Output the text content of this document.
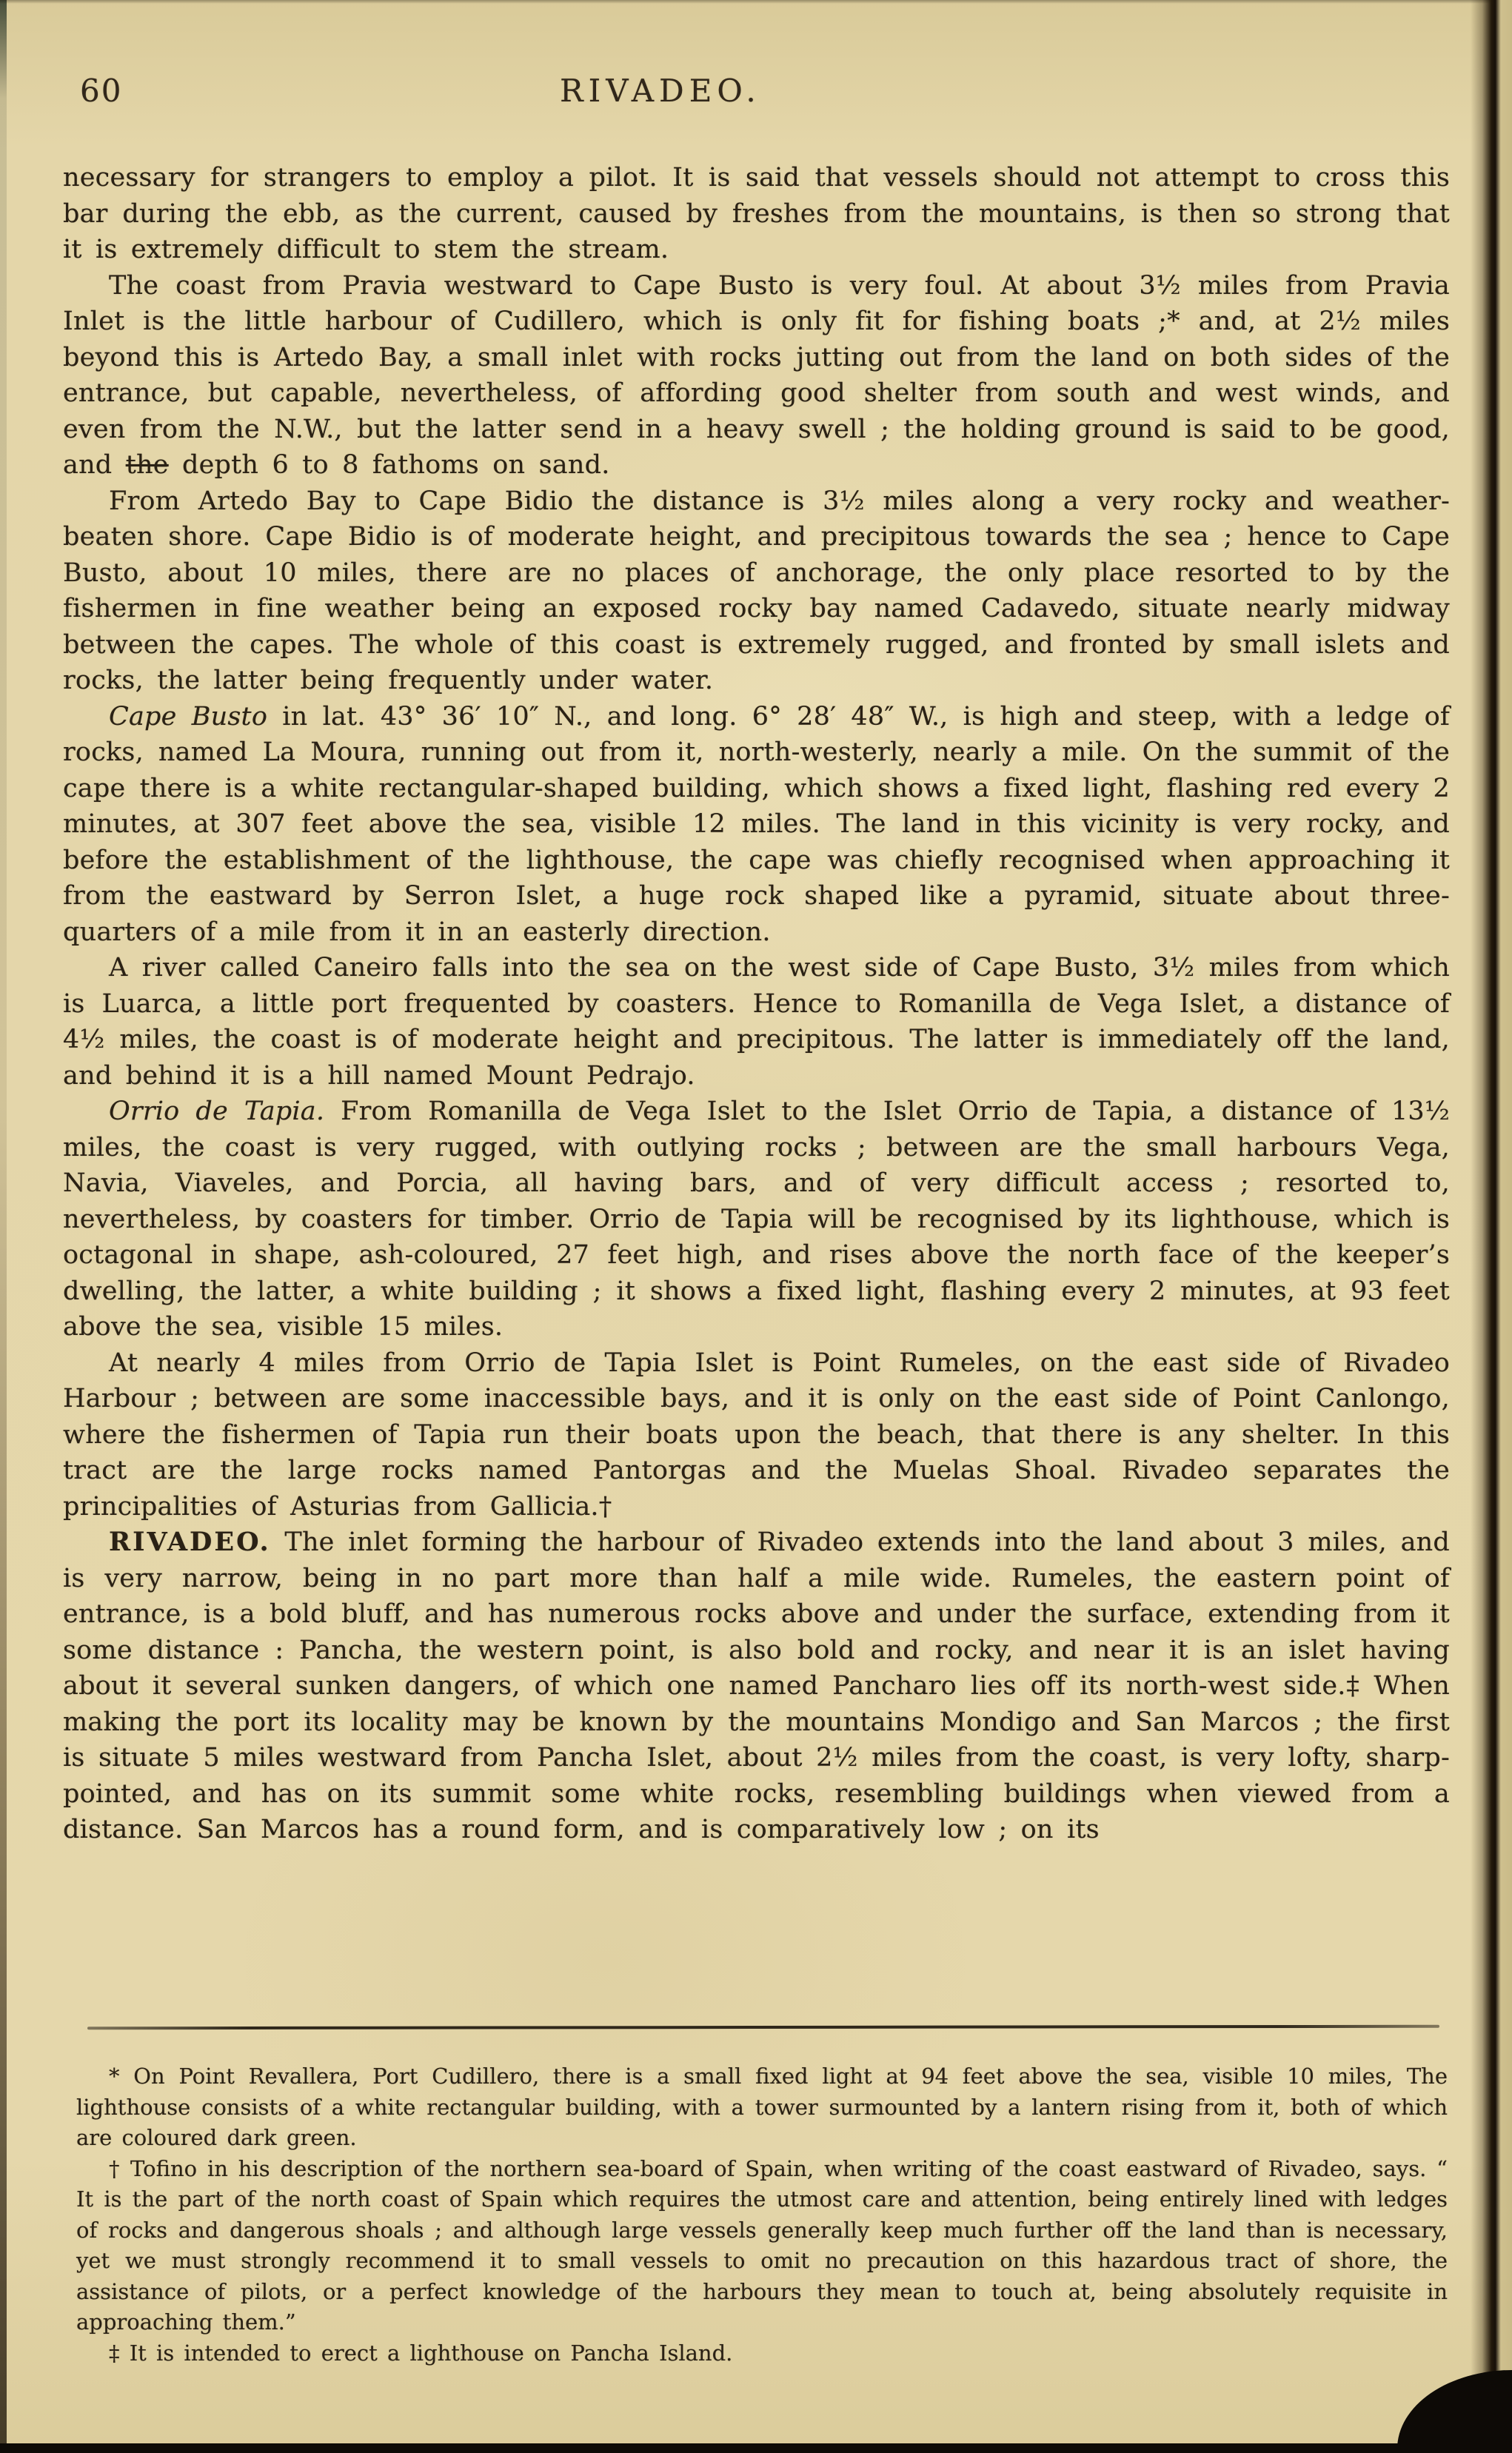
60	RIVADEO.

necessary for strangers to employ a pilot. It is said that vessels should not attempt to cross this bar during the ebb, as the current, caused by freshes from the mountains, is then so strong that it is extremely difficult to stem the stream.

The coast from Pravia westward to Cape Busto is very foul. At about 3½ miles from Pravia Inlet is the little harbour of Cudillero, which is only fit for fishing boats ;* and, at 2½ miles beyond this is Artedo Bay, a small inlet with rocks jutting out from the land on both sides of the entrance, but capable, nevertheless, of affording good shelter from south and west winds, and even from the N.W., but the latter send in a heavy swell ; the holding ground is said to be good, and the depth 6 to 8 fathoms on sand.

From Artedo Bay to Cape Bidio the distance is 3½ miles along a very rocky and weather-beaten shore. Cape Bidio is of moderate height, and precipitous towards the sea ; hence to Cape Busto, about 10 miles, there are no places of anchorage, the only place resorted to by the fishermen in fine weather being an exposed rocky bay named Cadavedo, situate nearly midway between the capes. The whole of this coast is extremely rugged, and fronted by small islets and rocks, the latter being frequently under water.

Cape Busto in lat. 43° 36′ 10″ N., and long. 6° 28′ 48″ W., is high and steep, with a ledge of rocks, named La Moura, running out from it, north-westerly, nearly a mile. On the summit of the cape there is a white rectangular-shaped building, which shows a fixed light, flashing red every 2 minutes, at 307 feet above the sea, visible 12 miles. The land in this vicinity is very rocky, and before the establishment of the lighthouse, the cape was chiefly recognised when approaching it from the eastward by Serron Islet, a huge rock shaped like a pyramid, situate about three-quarters of a mile from it in an easterly direction.

A river called Caneiro falls into the sea on the west side of Cape Busto, 3½ miles from which is Luarca, a little port frequented by coasters. Hence to Romanilla de Vega Islet, a distance of 4½ miles, the coast is of moderate height and precipitous. The latter is immediately off the land, and behind it is a hill named Mount Pedrajo.

Orrio de Tapia. From Romanilla de Vega Islet to the Islet Orrio de Tapia, a distance of 13½ miles, the coast is very rugged, with outlying rocks ; between are the small harbours Vega, Navia, Viaveles, and Porcia, all having bars, and of very difficult access ; resorted to, nevertheless, by coasters for timber. Orrio de Tapia will be recognised by its lighthouse, which is octagonal in shape, ash-coloured, 27 feet high, and rises above the north face of the keeper’s dwelling, the latter, a white building ; it shows a fixed light, flashing every 2 minutes, at 93 feet above the sea, visible 15 miles.

At nearly 4 miles from Orrio de Tapia Islet is Point Rumeles, on the east side of Rivadeo Harbour ; between are some inaccessible bays, and it is only on the east side of Point Canlongo, where the fishermen of Tapia run their boats upon the beach, that there is any shelter. In this tract are the large rocks named Pantorgas and the Muelas Shoal. Rivadeo separates the principalities of Asturias from Gallicia.†

RIVADEO. The inlet forming the harbour of Rivadeo extends into the land about 3 miles, and is very narrow, being in no part more than half a mile wide. Rumeles, the eastern point of entrance, is a bold bluff, and has numerous rocks above and under the surface, extending from it some distance : Pancha, the western point, is also bold and rocky, and near it is an islet having about it several sunken dangers, of which one named Pancharo lies off its north-west side.‡ When making the port its locality may be known by the mountains Mondigo and San Marcos ; the first is situate 5 miles westward from Pancha Islet, about 2½ miles from the coast, is very lofty, sharp-pointed, and has on its summit some white rocks, resembling buildings when viewed from a distance. San Marcos has a round form, and is comparatively low ; on its

* On Point Revallera, Port Cudillero, there is a small fixed light at 94 feet above the sea, visible 10 miles, The lighthouse consists of a white rectangular building, with a tower surmounted by a lantern rising from it, both of which are coloured dark green.

† Tofino in his description of the northern sea-board of Spain, when writing of the coast eastward of Rivadeo, says. “ It is the part of the north coast of Spain which requires the utmost care and attention, being entirely lined with ledges of rocks and dangerous shoals ; and although large vessels generally keep much further off the land than is necessary, yet we must strongly recommend it to small vessels to omit no precaution on this hazardous tract of shore, the assistance of pilots, or a perfect knowledge of the harbours they mean to touch at, being absolutely requisite in approaching them.”

‡ It is intended to erect a lighthouse on Pancha Island.
